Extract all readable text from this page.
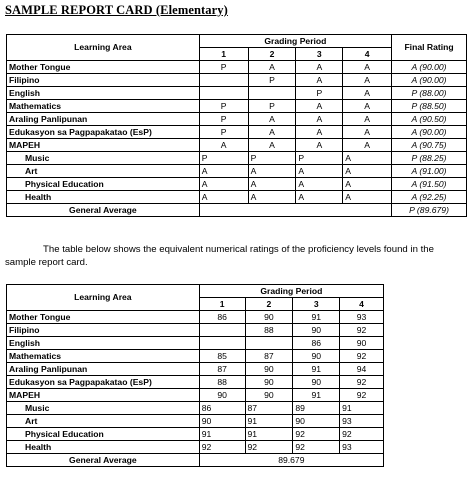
SAMPLE REPORT CARD (Elementary)
Learning Area	Grading Period				Final Rating
	1	2	3	4	
Mother Tongue	P	A	A	A	A (90.00)
Filipino		P	A	A	A (90.00)
English			P	A	P (88.00)
Mathematics	P	P	A	A	P (88.50)
Araling Panlipunan	P	A	A	A	A (90.50)
Edukasyon sa Pagpapakatao (EsP)	P	A	A	A	A (90.00)
MAPEH	A	A	A	A	A (90.75)
Music	P	P	P	A	P (88.25)
Art	A	A	A	A	A (91.00)
Physical Education	A	A	A	A	A (91.50)
Health	A	A	A	A	A (92.25)
General Average					P (89.679)
The table below shows the equivalent numerical ratings of the proficiency levels found in the sample report card.
Learning Area	Grading Period			
	1	2	3	4
Mother Tongue	86	90	91	93
Filipino		88	90	92
English			86	90
Mathematics	85	87	90	92
Araling Panlipunan	87	90	91	94
Edukasyon sa Pagpapakatao (EsP)	88	90	90	92
MAPEH	90	90	91	92
Music	86	87	89	91
Art	90	91	90	93
Physical Education	91	91	92	92
Health	92	92	92	93
General Average	89.679			
